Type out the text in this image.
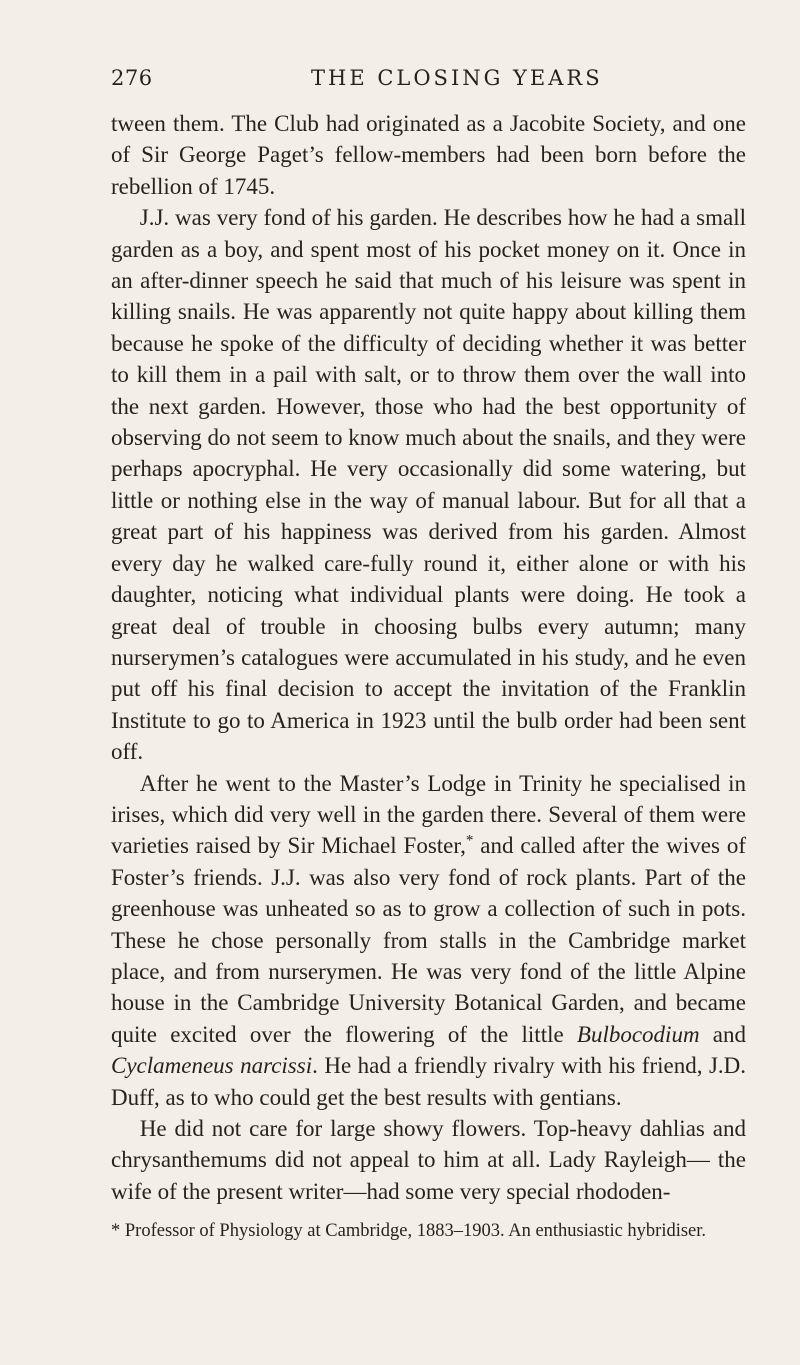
276	THE CLOSING YEARS

tween them. The Club had originated as a Jacobite Society, and one of Sir George Paget’s fellow-members had been born before the rebellion of 1745.

J.J. was very fond of his garden. He describes how he had a small garden as a boy, and spent most of his pocket money on it. Once in an after-dinner speech he said that much of his leisure was spent in killing snails. He was apparently not quite happy about killing them because he spoke of the difficulty of deciding whether it was better to kill them in a pail with salt, or to throw them over the wall into the next garden. However, those who had the best opportunity of observing do not seem to know much about the snails, and they were perhaps apocryphal. He very occasionally did some watering, but little or nothing else in the way of manual labour. But for all that a great part of his happiness was derived from his garden. Almost every day he walked care-fully round it, either alone or with his daughter, noticing what individual plants were doing. He took a great deal of trouble in choosing bulbs every autumn; many nurserymen’s catalogues were accumulated in his study, and he even put off his final decision to accept the invitation of the Franklin Institute to go to America in 1923 until the bulb order had been sent off.

After he went to the Master’s Lodge in Trinity he specialised in irises, which did very well in the garden there. Several of them were varieties raised by Sir Michael Foster,* and called after the wives of Foster’s friends. J.J. was also very fond of rock plants. Part of the greenhouse was unheated so as to grow a collection of such in pots. These he chose personally from stalls in the Cambridge market place, and from nurserymen. He was very fond of the little Alpine house in the Cambridge University Botanical Garden, and became quite excited over the flowering of the little Bulbocodium and Cyclameneus narcissi. He had a friendly rivalry with his friend, J.D. Duff, as to who could get the best results with gentians.

He did not care for large showy flowers. Top-heavy dahlias and chrysanthemums did not appeal to him at all. Lady Rayleigh— the wife of the present writer—had some very special rhododen-

* Professor of Physiology at Cambridge, 1883–1903. An enthusiastic hybridiser.
